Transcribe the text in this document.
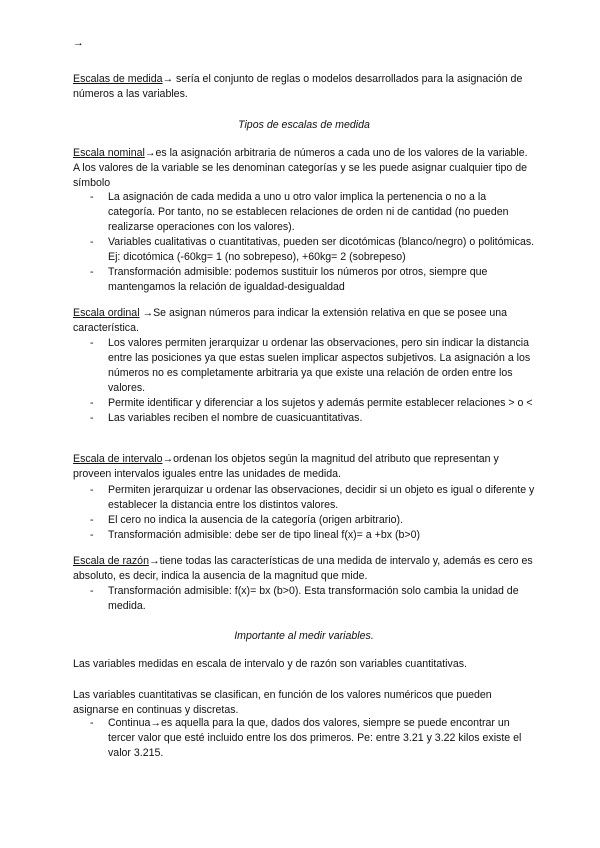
→

Escalas de medida→ sería el conjunto de reglas o modelos desarrollados para la asignación de números a las variables.

Tipos de escalas de medida

Escala nominal→es la asignación arbitraria de números a cada uno de los valores de la variable. A los valores de la variable se les denominan categorías y se les puede asignar cualquier tipo de símbolo

- La asignación de cada medida a uno u otro valor implica la pertenencia o no a la categoría. Por tanto, no se establecen relaciones de orden ni de cantidad (no pueden realizarse operaciones con los valores).
- Variables cualitativas o cuantitativas, pueden ser dicotómicas (blanco/negro) o politómicas. Ej: dicotómica (-60kg= 1 (no sobrepeso), +60kg= 2 (sobrepeso)
- Transformación admisible: podemos sustituir los números por otros, siempre que mantengamos la relación de igualdad-desigualdad

Escala ordinal →Se asignan números para indicar la extensión relativa en que se posee una característica.

- Los valores permiten jerarquizar u ordenar las observaciones, pero sin indicar la distancia entre las posiciones ya que estas suelen implicar aspectos subjetivos. La asignación a los números no es completamente arbitraria ya que existe una relación de orden entre los valores.
- Permite identificar y diferenciar a los sujetos y además permite establecer relaciones > o <
- Las variables reciben el nombre de cuasicuantitativas.

Escala de intervalo→ordenan los objetos según la magnitud del atributo que representan y proveen intervalos iguales entre las unidades de medida.

- Permiten jerarquizar u ordenar las observaciones, decidir si un objeto es igual o diferente y establecer la distancia entre los distintos valores.
- El cero no indica la ausencia de la categoría (origen arbitrario).
- Transformación admisible: debe ser de tipo lineal f(x)= a +bx (b>0)

Escala de razón→tiene todas las características de una medida de intervalo y, además es cero es absoluto, es decir, indica la ausencia de la magnitud que mide.

- Transformación admisible: f(x)= bx (b>0). Esta transformación solo cambia la unidad de medida.

Importante al medir variables.

Las variables medidas en escala de intervalo y de razón son variables cuantitativas.

Las variables cuantitativas se clasifican, en función de los valores numéricos que pueden asignarse en continuas y discretas.

- Continua→es aquella para la que, dados dos valores, siempre se puede encontrar un tercer valor que esté incluido entre los dos primeros. Pe: entre 3.21 y 3.22 kilos existe el valor 3.215.
